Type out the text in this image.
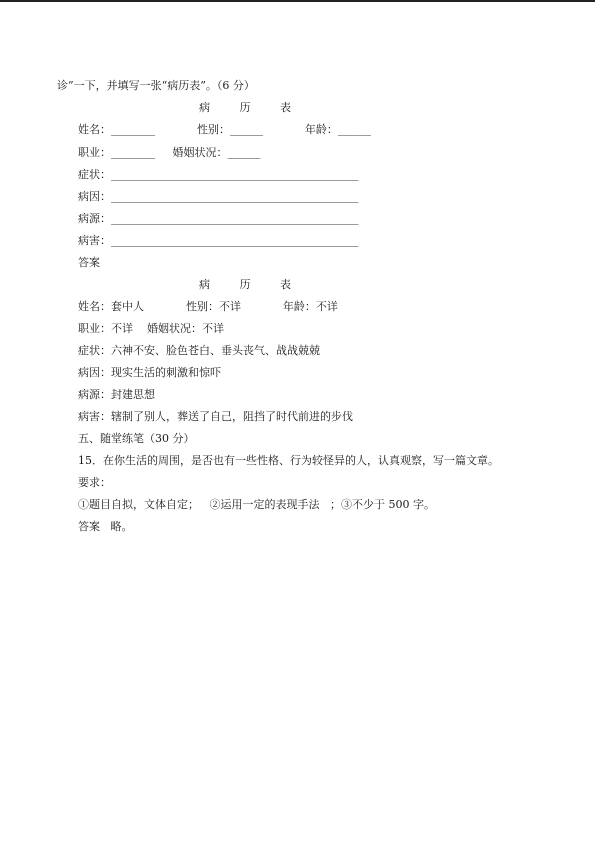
诊”一下，并填写一张“病历表”。（6 分）
病 历 表
姓名：________            性别：______            年龄：______
职业：________     婚姻状况：______
症状：_____________________________________________
病因：_____________________________________________
病源：_____________________________________________
病害：_____________________________________________
答案
病 历 表
姓名：套中人            性别：不详            年龄：不详
职业：不详    婚姻状况：不详
症状：六神不安、脸色苍白、垂头丧气、战战兢兢
病因：现实生活的刺激和惊吓
病源：封建思想
病害：辖制了别人，葬送了自己，阻挡了时代前进的步伐
五、随堂练笔（30 分）
15．在你生活的周围，是否也有一些性格、行为较怪异的人，认真观察，写一篇文章。
要求：
①题目自拟，文体自定；   ②运用一定的表现手法   ；③不少于 500 字。
答案   略。
